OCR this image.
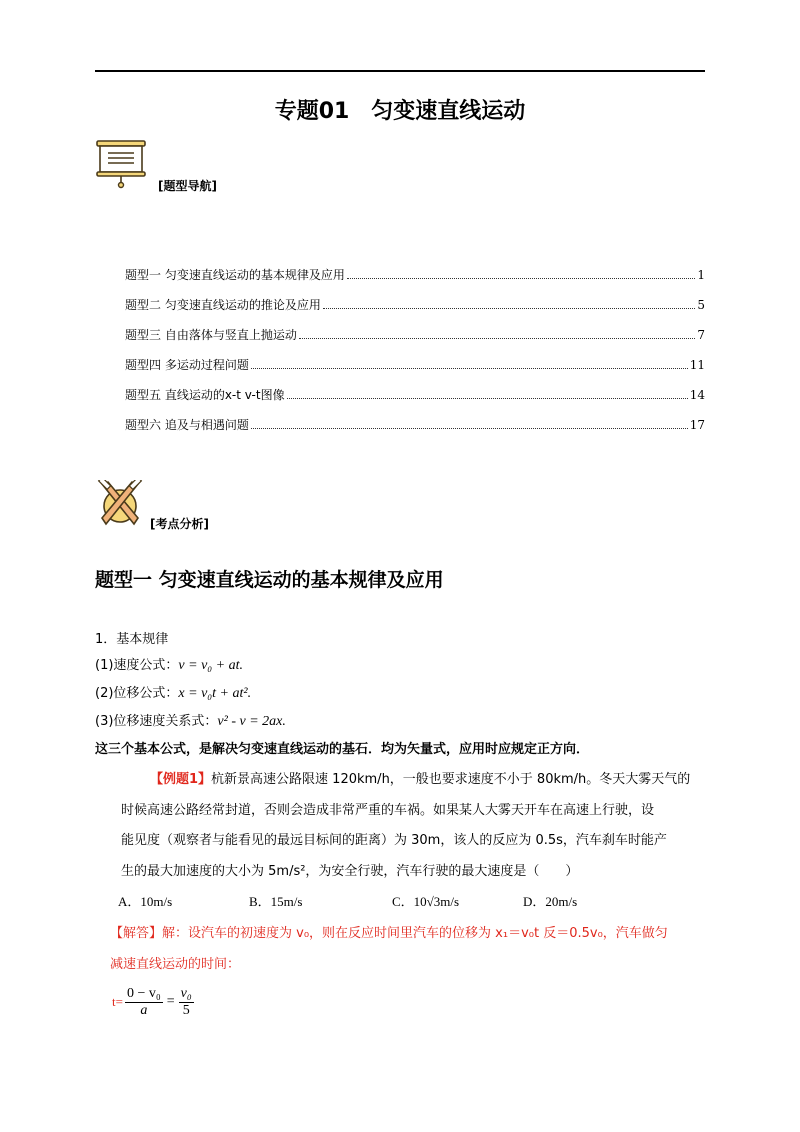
专题01　匀变速直线运动
[题型导航]
题型一 匀变速直线运动的基本规律及应用	1
题型二 匀变速直线运动的推论及应用	5
题型三 自由落体与竖直上抛运动	7
题型四 多运动过程问题	11
题型五 直线运动的x-t v-t图像	14
题型六 追及与相遇问题	17
[考点分析]
题型一 匀变速直线运动的基本规律及应用
1．基本规律
(1)速度公式：v = v₀ + at.
(2)位移公式：x = v₀t + at².
(3)位移速度关系式：v² - v = 2ax.
这三个基本公式，是解决匀变速直线运动的基石．均为矢量式，应用时应规定正方向．
【例题1】杭新景高速公路限速 120km/h，一般也要求速度不小于 80km/h。冬天大雾天气的
时候高速公路经常封道，否则会造成非常严重的车祸。如果某人大雾天开车在高速上行驶，设
能见度（观察者与能看见的最远目标间的距离）为 30m，该人的反应为 0.5s，汽车刹车时能产
生的最大加速度的大小为 5m/s²，为安全行驶，汽车行驶的最大速度是（　　）
A．10m/s	B．15m/s	C．10√3m/s	D．20m/s
【解答】解：设汽车的初速度为 v₀，则在反应时间里汽车的位移为 x₁＝v₀t 反＝0.5v₀，汽车做匀
减速直线运动的时间：
$t= \frac{\text{0 − v₀}}{a} = \frac{\text{v₀}}{5}$
